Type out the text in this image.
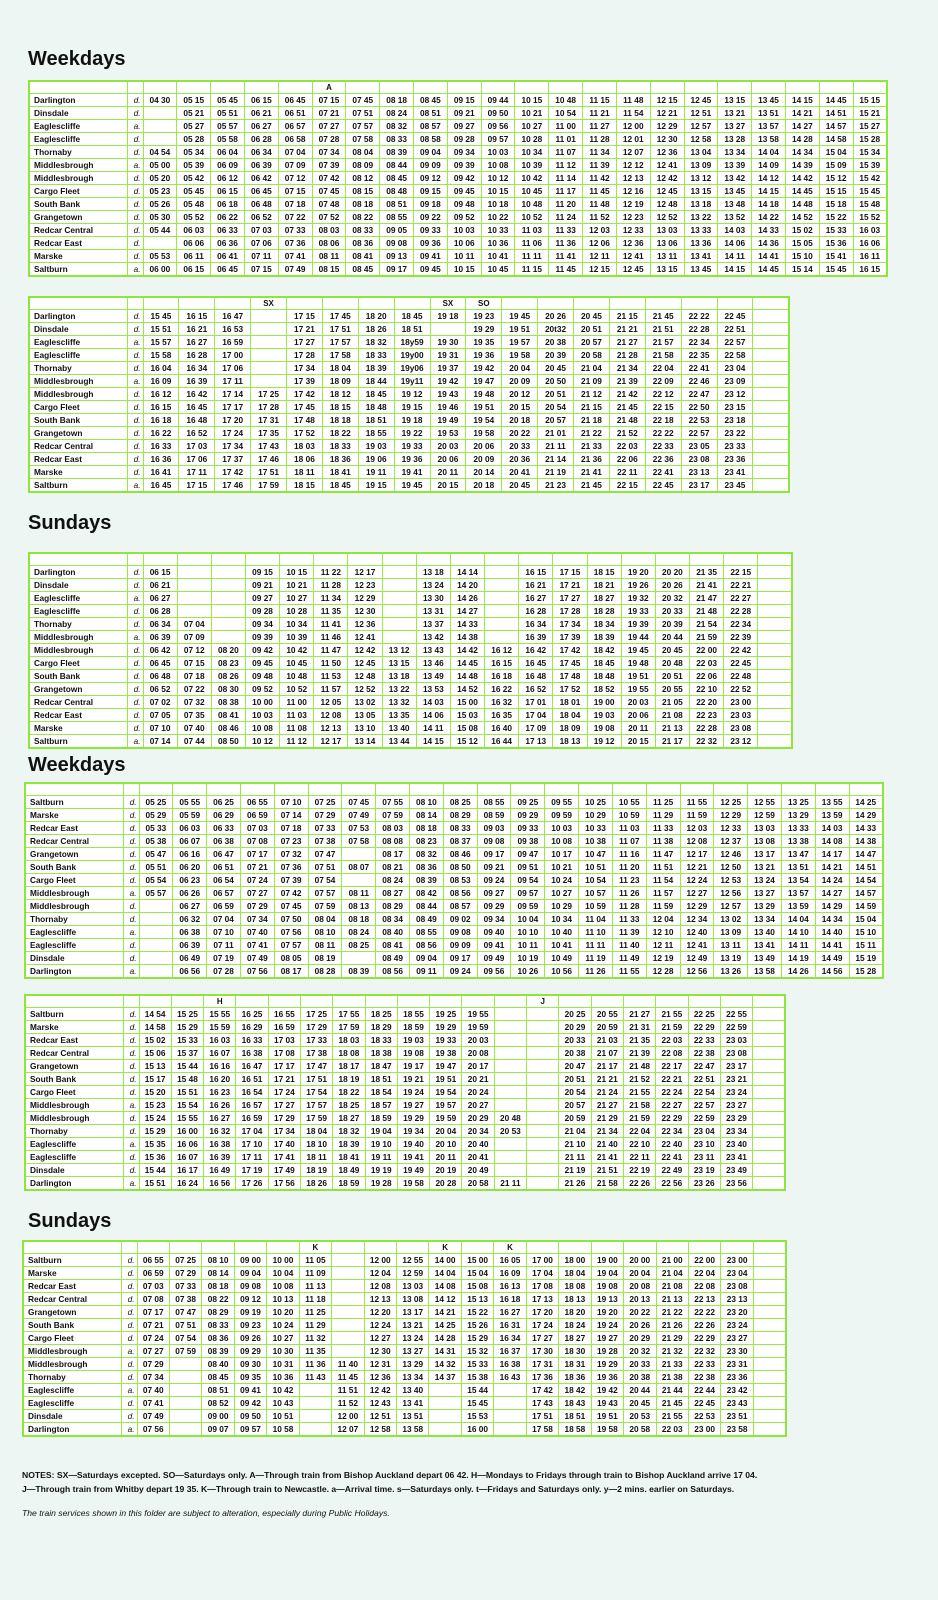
Weekdays
							A																
Darlington	d.	04 30	05 15	05 45	06 15	06 45	07 15	07 45	08 18	08 45	09 15	09 44	10 15	10 48	11 15	11 48	12 15	12 45	13 15	13 45	14 15	14 45	15 15
Dinsdale	d.		05 21	05 51	06 21	06 51	07 21	07 51	08 24	08 51	09 21	09 50	10 21	10 54	11 21	11 54	12 21	12 51	13 21	13 51	14 21	14 51	15 21
Eaglescliffe	a.		05 27	05 57	06 27	06 57	07 27	07 57	08 32	08 57	09 27	09 56	10 27	11 00	11 27	12 00	12 29	12 57	13 27	13 57	14 27	14 57	15 27
Eaglescliffe	d.		05 28	05 58	06 28	06 58	07 28	07 58	08 33	08 58	09 28	09 57	10 28	11 01	11 28	12 01	12 30	12 58	13 28	13 58	14 28	14 58	15 28
Thornaby	d.	04 54	05 34	06 04	06 34	07 04	07 34	08 04	08 39	09 04	09 34	10 03	10 34	11 07	11 34	12 07	12 36	13 04	13 34	14 04	14 34	15 04	15 34
Middlesbrough	a.	05 00	05 39	06 09	06 39	07 09	07 39	08 09	08 44	09 09	09 39	10 08	10 39	11 12	11 39	12 12	12 41	13 09	13 39	14 09	14 39	15 09	15 39
Middlesbrough	d.	05 20	05 42	06 12	06 42	07 12	07 42	08 12	08 45	09 12	09 42	10 12	10 42	11 14	11 42	12 13	12 42	13 12	13 42	14 12	14 42	15 12	15 42
Cargo Fleet	d.	05 23	05 45	06 15	06 45	07 15	07 45	08 15	08 48	09 15	09 45	10 15	10 45	11 17	11 45	12 16	12 45	13 15	13 45	14 15	14 45	15 15	15 45
South Bank	d.	05 26	05 48	06 18	06 48	07 18	07 48	08 18	08 51	09 18	09 48	10 18	10 48	11 20	11 48	12 19	12 48	13 18	13 48	14 18	14 48	15 18	15 48
Grangetown	d.	05 30	05 52	06 22	06 52	07 22	07 52	08 22	08 55	09 22	09 52	10 22	10 52	11 24	11 52	12 23	12 52	13 22	13 52	14 22	14 52	15 22	15 52
Redcar Central	d.	05 44	06 03	06 33	07 03	07 33	08 03	08 33	09 05	09 33	10 03	10 33	11 03	11 33	12 03	12 33	13 03	13 33	14 03	14 33	15 02	15 33	16 03
Redcar East	d.		06 06	06 36	07 06	07 36	08 06	08 36	09 08	09 36	10 06	10 36	11 06	11 36	12 06	12 36	13 06	13 36	14 06	14 36	15 05	15 36	16 06
Marske	d.	05 53	06 11	06 41	07 11	07 41	08 11	08 41	09 13	09 41	10 11	10 41	11 11	11 41	12 11	12 41	13 11	13 41	14 11	14 41	15 10	15 41	16 11
Saltburn	a.	06 00	06 15	06 45	07 15	07 49	08 15	08 45	09 17	09 45	10 15	10 45	11 15	11 45	12 15	12 45	13 15	13 45	14 15	14 45	15 14	15 45	16 15
					SX					SX	SO								
Darlington	d.	15 45	16 15	16 47		17 15	17 45	18 20	18 45	19 18	19 23	19 45	20 26	20 45	21 15	21 45	22 22	22 45	
Dinsdale	d.	15 51	16 21	16 53		17 21	17 51	18 26	18 51		19 29	19 51	20t32	20 51	21 21	21 51	22 28	22 51	
Eaglescliffe	a.	15 57	16 27	16 59		17 27	17 57	18 32	18y59	19 30	19 35	19 57	20 38	20 57	21 27	21 57	22 34	22 57	
Eaglescliffe	d.	15 58	16 28	17 00		17 28	17 58	18 33	19y00	19 31	19 36	19 58	20 39	20 58	21 28	21 58	22 35	22 58	
Thornaby	d.	16 04	16 34	17 06		17 34	18 04	18 39	19y06	19 37	19 42	20 04	20 45	21 04	21 34	22 04	22 41	23 04	
Middlesbrough	a.	16 09	16 39	17 11		17 39	18 09	18 44	19y11	19 42	19 47	20 09	20 50	21 09	21 39	22 09	22 46	23 09	
Middlesbrough	d.	16 12	16 42	17 14	17 25	17 42	18 12	18 45	19 12	19 43	19 48	20 12	20 51	21 12	21 42	22 12	22 47	23 12	
Cargo Fleet	d.	16 15	16 45	17 17	17 28	17 45	18 15	18 48	19 15	19 46	19 51	20 15	20 54	21 15	21 45	22 15	22 50	23 15	
South Bank	d.	16 18	16 48	17 20	17 31	17 48	18 18	18 51	19 18	19 49	19 54	20 18	20 57	21 18	21 48	22 18	22 53	23 18	
Grangetown	d.	16 22	16 52	17 24	17 35	17 52	18 22	18 55	19 22	19 53	19 58	20 22	21 01	21 22	21 52	22 22	22 57	23 22	
Redcar Central	d.	16 33	17 03	17 34	17 43	18 03	18 33	19 03	19 33	20 03	20 06	20 33	21 11	21 33	22 03	22 33	23 05	23 33	
Redcar East	d.	16 36	17 06	17 37	17 46	18 06	18 36	19 06	19 36	20 06	20 09	20 36	21 14	21 36	22 06	22 36	23 08	23 36	
Marske	d.	16 41	17 11	17 42	17 51	18 11	18 41	19 11	19 41	20 11	20 14	20 41	21 19	21 41	22 11	22 41	23 13	23 41	
Saltburn	a.	16 45	17 15	17 46	17 59	18 15	18 45	19 15	19 45	20 15	20 18	20 45	21 23	21 45	22 15	22 45	23 17	23 45	
Sundays

Darlington	d.	06 15			09 15	10 15	11 22	12 17		13 18	14 14		16 15	17 15	18 15	19 20	20 20	21 35	22 15	
Dinsdale	d.	06 21			09 21	10 21	11 28	12 23		13 24	14 20		16 21	17 21	18 21	19 26	20 26	21 41	22 21	
Eaglescliffe	a.	06 27			09 27	10 27	11 34	12 29		13 30	14 26		16 27	17 27	18 27	19 32	20 32	21 47	22 27	
Eaglescliffe	d.	06 28			09 28	10 28	11 35	12 30		13 31	14 27		16 28	17 28	18 28	19 33	20 33	21 48	22 28	
Thornaby	d.	06 34	07 04		09 34	10 34	11 41	12 36		13 37	14 33		16 34	17 34	18 34	19 39	20 39	21 54	22 34	
Middlesbrough	a.	06 39	07 09		09 39	10 39	11 46	12 41		13 42	14 38		16 39	17 39	18 39	19 44	20 44	21 59	22 39	
Middlesbrough	d.	06 42	07 12	08 20	09 42	10 42	11 47	12 42	13 12	13 43	14 42	16 12	16 42	17 42	18 42	19 45	20 45	22 00	22 42	
Cargo Fleet	d.	06 45	07 15	08 23	09 45	10 45	11 50	12 45	13 15	13 46	14 45	16 15	16 45	17 45	18 45	19 48	20 48	22 03	22 45	
South Bank	d.	06 48	07 18	08 26	09 48	10 48	11 53	12 48	13 18	13 49	14 48	16 18	16 48	17 48	18 48	19 51	20 51	22 06	22 48	
Grangetown	d.	06 52	07 22	08 30	09 52	10 52	11 57	12 52	13 22	13 53	14 52	16 22	16 52	17 52	18 52	19 55	20 55	22 10	22 52	
Redcar Central	d.	07 02	07 32	08 38	10 00	11 00	12 05	13 02	13 32	14 03	15 00	16 32	17 01	18 01	19 00	20 03	21 05	22 20	23 00	
Redcar East	d.	07 05	07 35	08 41	10 03	11 03	12 08	13 05	13 35	14 06	15 03	16 35	17 04	18 04	19 03	20 06	21 08	22 23	23 03	
Marske	d.	07 10	07 40	08 46	10 08	11 08	12 13	13 10	13 40	14 11	15 08	16 40	17 09	18 09	19 08	20 11	21 13	22 28	23 08	
Saltburn	a.	07 14	07 44	08 50	10 12	11 12	12 17	13 14	13 44	14 15	15 12	16 44	17 13	18 13	19 12	20 15	21 17	22 32	23 12	
Weekdays

Saltburn	d.	05 25	05 55	06 25	06 55	07 10	07 25	07 45	07 55	08 10	08 25	08 55	09 25	09 55	10 25	10 55	11 25	11 55	12 25	12 55	13 25	13 55	14 25
Marske	d.	05 29	05 59	06 29	06 59	07 14	07 29	07 49	07 59	08 14	08 29	08 59	09 29	09 59	10 29	10 59	11 29	11 59	12 29	12 59	13 29	13 59	14 29
Redcar East	d.	05 33	06 03	06 33	07 03	07 18	07 33	07 53	08 03	08 18	08 33	09 03	09 33	10 03	10 33	11 03	11 33	12 03	12 33	13 03	13 33	14 03	14 33
Redcar Central	d.	05 38	06 07	06 38	07 08	07 23	07 38	07 58	08 08	08 23	08 37	09 08	09 38	10 08	10 38	11 07	11 38	12 08	12 37	13 08	13 38	14 08	14 38
Grangetown	d.	05 47	06 16	06 47	07 17	07 32	07 47		08 17	08 32	08 46	09 17	09 47	10 17	10 47	11 16	11 47	12 17	12 46	13 17	13 47	14 17	14 47
South Bank	d.	05 51	06 20	06 51	07 21	07 36	07 51	08 07	08 21	08 36	08 50	09 21	09 51	10 21	10 51	11 20	11 51	12 21	12 50	13 21	13 51	14 21	14 51
Cargo Fleet	d.	05 54	06 23	06 54	07 24	07 39	07 54		08 24	08 39	08 53	09 24	09 54	10 24	10 54	11 23	11 54	12 24	12 53	13 24	13 54	14 24	14 54
Middlesbrough	a.	05 57	06 26	06 57	07 27	07 42	07 57	08 11	08 27	08 42	08 56	09 27	09 57	10 27	10 57	11 26	11 57	12 27	12 56	13 27	13 57	14 27	14 57
Middlesbrough	d.		06 27	06 59	07 29	07 45	07 59	08 13	08 29	08 44	08 57	09 29	09 59	10 29	10 59	11 28	11 59	12 29	12 57	13 29	13 59	14 29	14 59
Thornaby	d.		06 32	07 04	07 34	07 50	08 04	08 18	08 34	08 49	09 02	09 34	10 04	10 34	11 04	11 33	12 04	12 34	13 02	13 34	14 04	14 34	15 04
Eaglescliffe	a.		06 38	07 10	07 40	07 56	08 10	08 24	08 40	08 55	09 08	09 40	10 10	10 40	11 10	11 39	12 10	12 40	13 09	13 40	14 10	14 40	15 10
Eaglescliffe	d.		06 39	07 11	07 41	07 57	08 11	08 25	08 41	08 56	09 09	09 41	10 11	10 41	11 11	11 40	12 11	12 41	13 11	13 41	14 11	14 41	15 11
Dinsdale	d.		06 49	07 19	07 49	08 05	08 19		08 49	09 04	09 17	09 49	10 19	10 49	11 19	11 49	12 19	12 49	13 19	13 49	14 19	14 49	15 19
Darlington	a.		06 56	07 28	07 56	08 17	08 28	08 39	08 56	09 11	09 24	09 56	10 26	10 56	11 26	11 55	12 28	12 56	13 26	13 58	14 26	14 56	15 28
				H										J							
Saltburn	d.	14 54	15 25	15 55	16 25	16 55	17 25	17 55	18 25	18 55	19 25	19 55			20 25	20 55	21 27	21 55	22 25	22 55	
Marske	d.	14 58	15 29	15 59	16 29	16 59	17 29	17 59	18 29	18 59	19 29	19 59			20 29	20 59	21 31	21 59	22 29	22 59	
Redcar East	d.	15 02	15 33	16 03	16 33	17 03	17 33	18 03	18 33	19 03	19 33	20 03			20 33	21 03	21 35	22 03	22 33	23 03	
Redcar Central	d.	15 06	15 37	16 07	16 38	17 08	17 38	18 08	18 38	19 08	19 38	20 08			20 38	21 07	21 39	22 08	22 38	23 08	
Grangetown	d.	15 13	15 44	16 16	16 47	17 17	17 47	18 17	18 47	19 17	19 47	20 17			20 47	21 17	21 48	22 17	22 47	23 17	
South Bank	d.	15 17	15 48	16 20	16 51	17 21	17 51	18 19	18 51	19 21	19 51	20 21			20 51	21 21	21 52	22 21	22 51	23 21	
Cargo Fleet	d.	15 20	15 51	16 23	16 54	17 24	17 54	18 22	18 54	19 24	19 54	20 24			20 54	21 24	21 55	22 24	22 54	23 24	
Middlesbrough	a.	15 23	15 54	16 26	16 57	17 27	17 57	18 25	18 57	19 27	19 57	20 27			20 57	21 27	21 58	22 27	22 57	23 27	
Middlesbrough	d.	15 24	15 55	16 27	16 59	17 29	17 59	18 27	18 59	19 29	19 59	20 29	20 48		20 59	21 29	21 59	22 29	22 59	23 29	
Thornaby	d.	15 29	16 00	16 32	17 04	17 34	18 04	18 32	19 04	19 34	20 04	20 34	20 53		21 04	21 34	22 04	22 34	23 04	23 34	
Eaglescliffe	a.	15 35	16 06	16 38	17 10	17 40	18 10	18 39	19 10	19 40	20 10	20 40			21 10	21 40	22 10	22 40	23 10	23 40	
Eaglescliffe	d.	15 36	16 07	16 39	17 11	17 41	18 11	18 41	19 11	19 41	20 11	20 41			21 11	21 41	22 11	22 41	23 11	23 41	
Dinsdale	d.	15 44	16 17	16 49	17 19	17 49	18 19	18 49	19 19	19 49	20 19	20 49			21 19	21 51	22 19	22 49	23 19	23 49	
Darlington	a.	15 51	16 24	16 56	17 26	17 56	18 26	18 59	19 28	19 58	20 28	20 58	21 11		21 26	21 58	22 26	22 56	23 26	23 56	
Sundays
							K				K		K								
Saltburn	d.	06 55	07 25	08 10	09 00	10 00	11 05		12 00	12 55	14 00	15 00	16 05	17 00	18 00	19 00	20 00	21 00	22 00	23 00	
Marske	d.	06 59	07 29	08 14	09 04	10 04	11 09		12 04	12 59	14 04	15 04	16 09	17 04	18 04	19 04	20 04	21 04	22 04	23 04	
Redcar East	d.	07 03	07 33	08 18	09 08	10 08	11 13		12 08	13 03	14 08	15 08	16 13	17 08	18 08	19 08	20 08	21 08	22 08	23 08	
Redcar Central	d.	07 08	07 38	08 22	09 12	10 13	11 18		12 13	13 08	14 12	15 13	16 18	17 13	18 13	19 13	20 13	21 13	22 13	23 13	
Grangetown	d.	07 17	07 47	08 29	09 19	10 20	11 25		12 20	13 17	14 21	15 22	16 27	17 20	18 20	19 20	20 22	21 22	22 22	23 20	
South Bank	d.	07 21	07 51	08 33	09 23	10 24	11 29		12 24	13 21	14 25	15 26	16 31	17 24	18 24	19 24	20 26	21 26	22 26	23 24	
Cargo Fleet	d.	07 24	07 54	08 36	09 26	10 27	11 32		12 27	13 24	14 28	15 29	16 34	17 27	18 27	19 27	20 29	21 29	22 29	23 27	
Middlesbrough	a.	07 27	07 59	08 39	09 29	10 30	11 35		12 30	13 27	14 31	15 32	16 37	17 30	18 30	19 28	20 32	21 32	22 32	23 30	
Middlesbrough	d.	07 29		08 40	09 30	10 31	11 36	11 40	12 31	13 29	14 32	15 33	16 38	17 31	18 31	19 29	20 33	21 33	22 33	23 31	
Thornaby	d.	07 34		08 45	09 35	10 36	11 43	11 45	12 36	13 34	14 37	15 38	16 43	17 36	18 36	19 36	20 38	21 38	22 38	23 36	
Eaglescliffe	a.	07 40		08 51	09 41	10 42		11 51	12 42	13 40		15 44		17 42	18 42	19 42	20 44	21 44	22 44	23 42	
Eaglescliffe	d.	07 41		08 52	09 42	10 43		11 52	12 43	13 41		15 45		17 43	18 43	19 43	20 45	21 45	22 45	23 43	
Dinsdale	d.	07 49		09 00	09 50	10 51		12 00	12 51	13 51		15 53		17 51	18 51	19 51	20 53	21 55	22 53	23 51	
Darlington	a.	07 56		09 07	09 57	10 58		12 07	12 58	13 58		16 00		17 58	18 58	19 58	20 58	22 03	23 00	23 58	
NOTES: SX—Saturdays excepted. SO—Saturdays only. A—Through train from Bishop Auckland depart 06 42. H—Mondays to Fridays through train to Bishop Auckland arrive 17 04.
J—Through train from Whitby depart 19 35. K—Through train to Newcastle. a—Arrival time. s—Saturdays only. t—Fridays and Saturdays only. y—2 mins. earlier on Saturdays.
The train services shown in this folder are subject to alteration, especially during Public Holidays.
